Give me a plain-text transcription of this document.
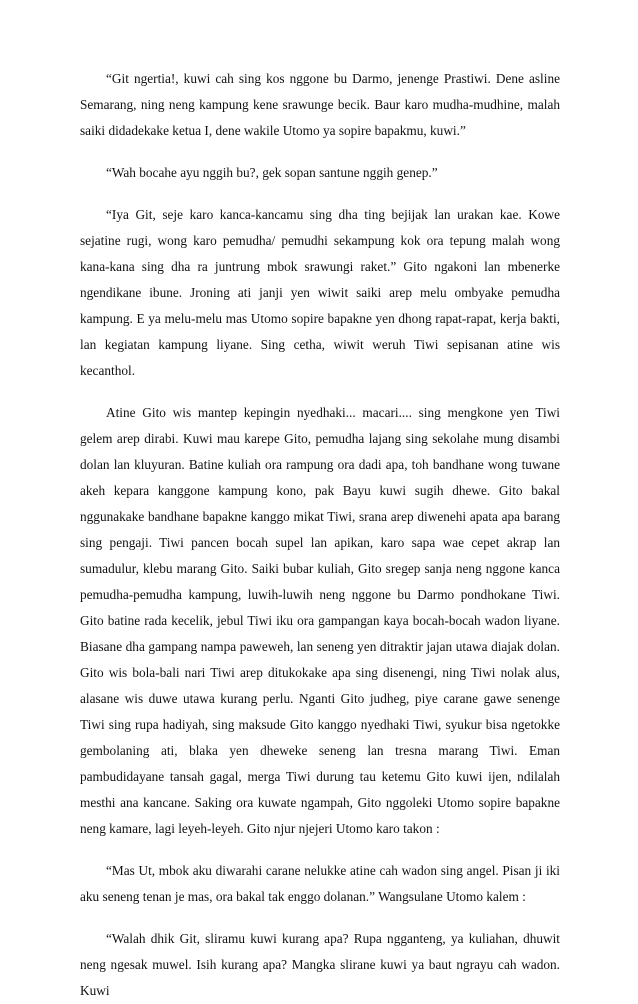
“Git ngertia!, kuwi cah sing kos nggone bu Darmo, jenenge Prastiwi. Dene asline Semarang, ning neng kampung kene srawunge becik. Baur karo mudha-mudhine, malah saiki didadekake ketua I, dene wakile Utomo ya sopire bapakmu, kuwi.”

“Wah bocahe ayu nggih bu?, gek sopan santune nggih genep.”

“Iya Git, seje karo kanca-kancamu sing dha ting bejijak lan urakan kae. Kowe sejatine rugi, wong karo pemudha/ pemudhi sekampung kok ora tepung malah wong kana-kana sing dha ra juntrung mbok srawungi raket.” Gito ngakoni lan mbenerke ngendikane ibune. Jroning ati janji yen wiwit saiki arep melu ombyake pemudha kampung. E ya melu-melu mas Utomo sopire bapakne yen dhong rapat-rapat, kerja bakti, lan kegiatan kampung liyane. Sing cetha, wiwit weruh Tiwi sepisanan atine wis kecanthol.

Atine Gito wis mantep kepingin nyedhaki... macari.... sing mengkone yen Tiwi gelem arep dirabi. Kuwi mau karepe Gito, pemudha lajang sing sekolahe mung disambi dolan lan kluyuran. Batine kuliah ora rampung ora dadi apa, toh bandhane wong tuwane akeh kepara kanggone kampung kono, pak Bayu kuwi sugih dhewe. Gito bakal nggunakake bandhane bapakne kanggo mikat Tiwi, srana arep diwenehi apata apa barang sing pengaji. Tiwi pancen bocah supel lan apikan, karo sapa wae cepet akrap lan sumadulur, klebu marang Gito. Saiki bubar kuliah, Gito sregep sanja neng nggone kanca pemudha-pemudha kampung, luwih-luwih neng nggone bu Darmo pondhokane Tiwi. Gito batine rada kecelik, jebul Tiwi iku ora gampangan kaya bocah-bocah wadon liyane. Biasane dha gampang nampa paweweh, lan seneng yen ditraktir jajan utawa diajak dolan. Gito wis bola-bali nari Tiwi arep ditukokake apa sing disenengi, ning Tiwi nolak alus, alasane wis duwe utawa kurang perlu. Nganti Gito judheg, piye carane gawe senenge Tiwi sing rupa hadiyah, sing maksude Gito kanggo nyedhaki Tiwi, syukur bisa ngetokke gembolaning ati, blaka yen dheweke seneng lan tresna marang Tiwi. Eman pambudidayane tansah gagal, merga Tiwi durung tau ketemu Gito kuwi ijen, ndilalah mesthi ana kancane. Saking ora kuwate ngampah, Gito nggoleki Utomo sopire bapakne neng kamare, lagi leyeh-leyeh. Gito njur njejeri Utomo karo takon :

“Mas Ut, mbok aku diwarahi carane nelukke atine cah wadon sing angel. Pisan ji iki aku seneng tenan je mas, ora bakal tak enggo dolanan.” Wangsulane Utomo kalem :

“Walah dhik Git, sliramu kuwi kurang apa? Rupa ngganteng, ya kuliahan, dhuwit neng ngesak muwel. Isih kurang apa? Mangka slirane kuwi ya baut ngrayu cah wadon. Kuwi
